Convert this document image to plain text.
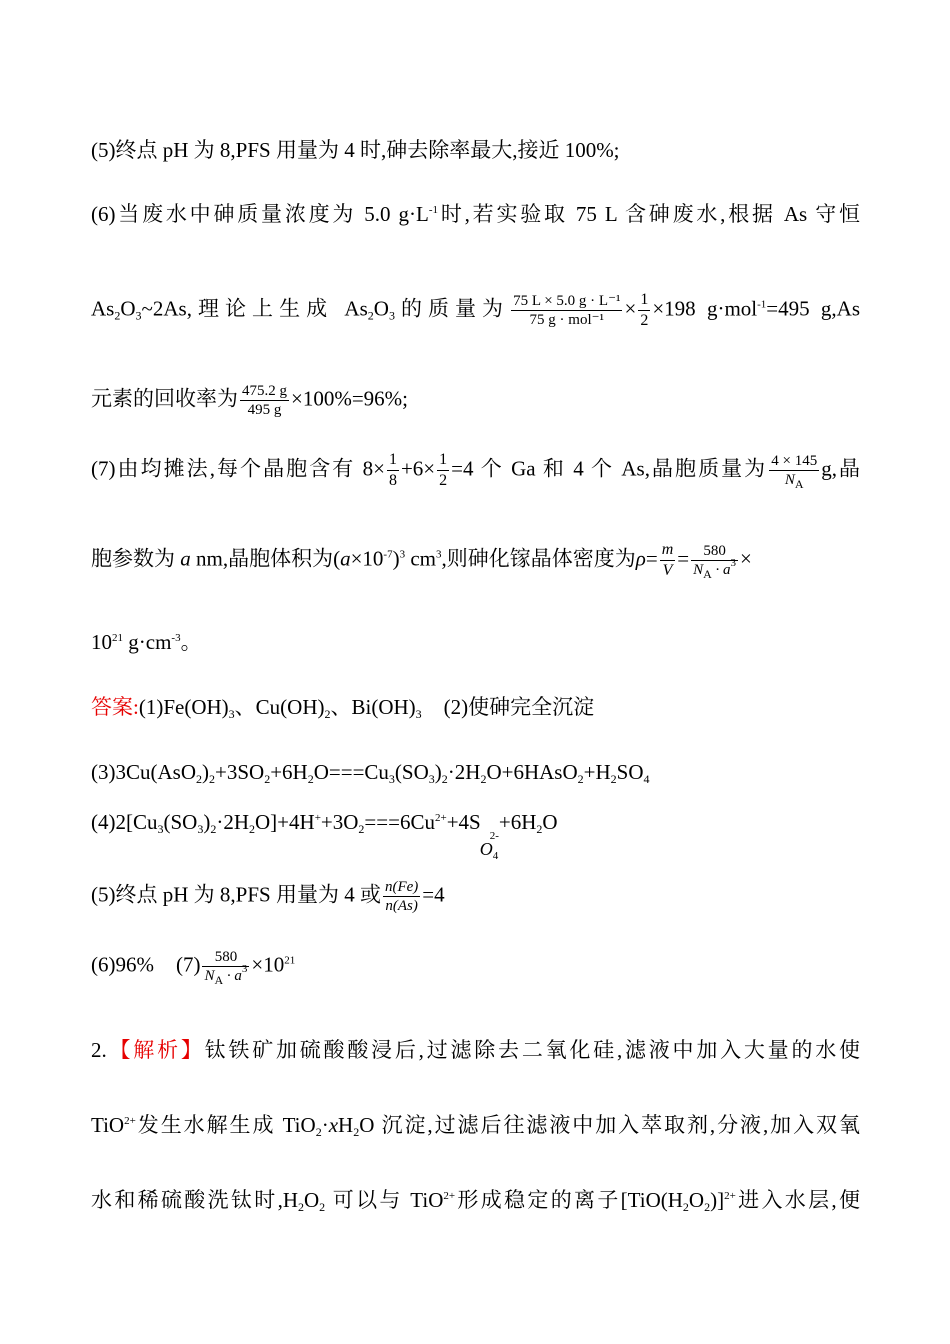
(5)终点 pH 为 8,PFS 用量为 4 时,砷去除率最大,接近 100%;
(6)当废水中砷质量浓度为 5.0 $g\cdot L^{-1}$时,若实验取 75 L 含砷废水,根据 As 守恒
$As_2O_3\sim 2As$,理论上生成 $As_2O_3$的质量为 $\frac{\text{75 L × 5.0 g · L⁻¹}}{\text{75 g · mol⁻¹}} \times \frac{1}{2} \times 198$ g·mol$^{-1}$=495 g,As
元素的回收率为 $\frac{475.2 g}{495 g} \times 100\%=96\%$;
(7)由均摊法,每个晶胞含有 $8\times \frac{1}{8} +6\times \frac{1}{2} =4$ 个 Ga 和 4 个 As,晶胞质量为 $\frac{4 \times 145}{N_A} g$,晶
胞参数为 a nm,晶胞体积为$(a\times 10^{-7})^3$ $cm^3$,则砷化镓晶体密度为$\rho= \frac{m}{V} = \frac{580}{N_A \cdot a^3}$ ×
$10^{21}$ $g\cdot cm^{-3}$。
答案$:(1)Fe(OH)_3$、$Cu(OH)_2$、$Bi(OH)_3$ (2)使砷完全沉淀
$(3)3Cu(AsO_2)_2+3SO_2+6H_2O===Cu_3(SO_3)_2\cdot 2H_2O+6HAsO_2+H_2SO_4$
$(4)2[Cu_3(SO_3)_2\cdot 2H_2O]+4H^++3O_2===6Cu^{2+}+4S$
2-
$O_4$
$+6H_2O$
(5)终点 pH 为 8,PFS 用量为 4 或 $\frac{n(Fe)}{n(As)} =4$
(6)96% $(7) \frac{580}{N_A \cdot a^3} \times 10^{21}$
2.【解析】钛铁矿加硫酸酸浸后,过滤除去二氧化硅,滤液中加入大量的水使
TiO$^{2+}$发生水解生成 $TiO_2\cdot xH_2O$ 沉淀,过滤后往滤液中加入萃取剂,分液,加入双氧
水和稀硫酸洗钛时$,H_2O_2$ 可以与 TiO$^{2+}$形成稳定的离子$[TiO(H_2O_2)]^{2+}$进入水层,便
